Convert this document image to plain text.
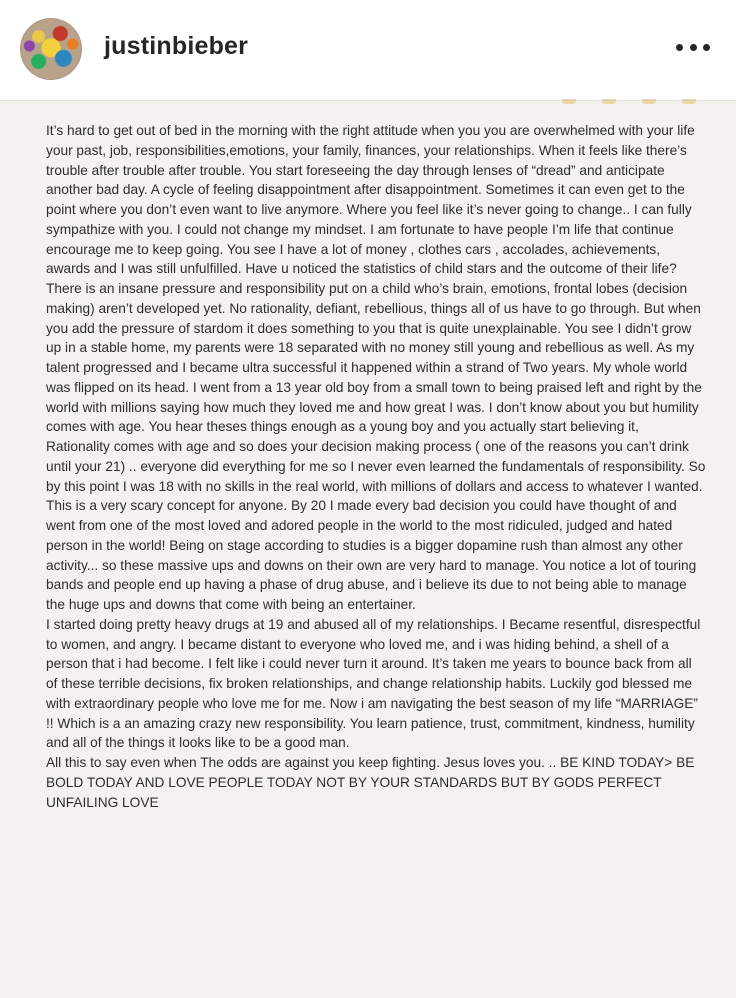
justinbieber

It’s hard to get out of bed in the morning with the right attitude when you you are overwhelmed with your life your past, job, responsibilities,emotions, your family, finances, your relationships. When it feels like there’s trouble after trouble after trouble. You start foreseeing the day through lenses of “dread” and anticipate another bad day. A cycle of feeling disappointment after disappointment. Sometimes it can even get to the point where you don’t even want to live anymore. Where you feel like it’s never going to change.. I can fully sympathize with you. I could not change my mindset. I am fortunate to have people I’m life that continue encourage me to keep going. You see I have a lot of money , clothes cars , accolades, achievements, awards and I was still unfulfilled. Have u noticed the statistics of child stars and the outcome of their life? There is an insane pressure and responsibility put on a child who’s brain, emotions, frontal lobes (decision making) aren’t developed yet. No rationality, defiant, rebellious, things all of us have to go through. But when you add the pressure of stardom it does something to you that is quite unexplainable. You see I didn’t grow up in a stable home, my parents were 18 separated with no money still young and rebellious as well. As my talent progressed and I became ultra successful it happened within a strand of Two years. My whole world was flipped on its head. I went from a 13 year old boy from a small town to being praised left and right by the world with millions saying how much they loved me and how great I was. I don’t know about you but humility comes with age. You hear theses things enough as a young boy and you actually start believing it, Rationality comes with age and so does your decision making process ( one of the reasons you can’t drink until your 21) .. everyone did everything for me so I never even learned the fundamentals of responsibility. So by this point I was 18 with no skills in the real world, with millions of dollars and access to whatever I wanted. This is a very scary concept for anyone. By 20 I made every bad decision you could have thought of and went from one of the most loved and adored people in the world to the most ridiculed, judged and hated person in the world! Being on stage according to studies is a bigger dopamine rush than almost any other activity... so these massive ups and downs on their own are very hard to manage. You notice a lot of touring bands and people end up having a phase of drug abuse, and i believe its due to not being able to manage the huge ups and downs that come with being an entertainer.

I started doing pretty heavy drugs at 19 and abused all of my relationships. I Became resentful, disrespectful to women, and angry. I became distant to everyone who loved me, and i was hiding behind, a shell of a person that i had become. I felt like i could never turn it around. It’s taken me years to bounce back from all of these terrible decisions, fix broken relationships, and change relationship habits. Luckily god blessed me with extraordinary people who love me for me. Now i am navigating the best season of my life “MARRIAGE” !! Which is a an amazing crazy new responsibility. You learn patience, trust, commitment, kindness, humility and all of the things it looks like to be a good man.

All this to say even when The odds are against you keep fighting. Jesus loves you. .. BE KIND TODAY> BE BOLD TODAY AND LOVE PEOPLE TODAY NOT BY YOUR STANDARDS BUT BY GODS PERFECT UNFAILING LOVE
